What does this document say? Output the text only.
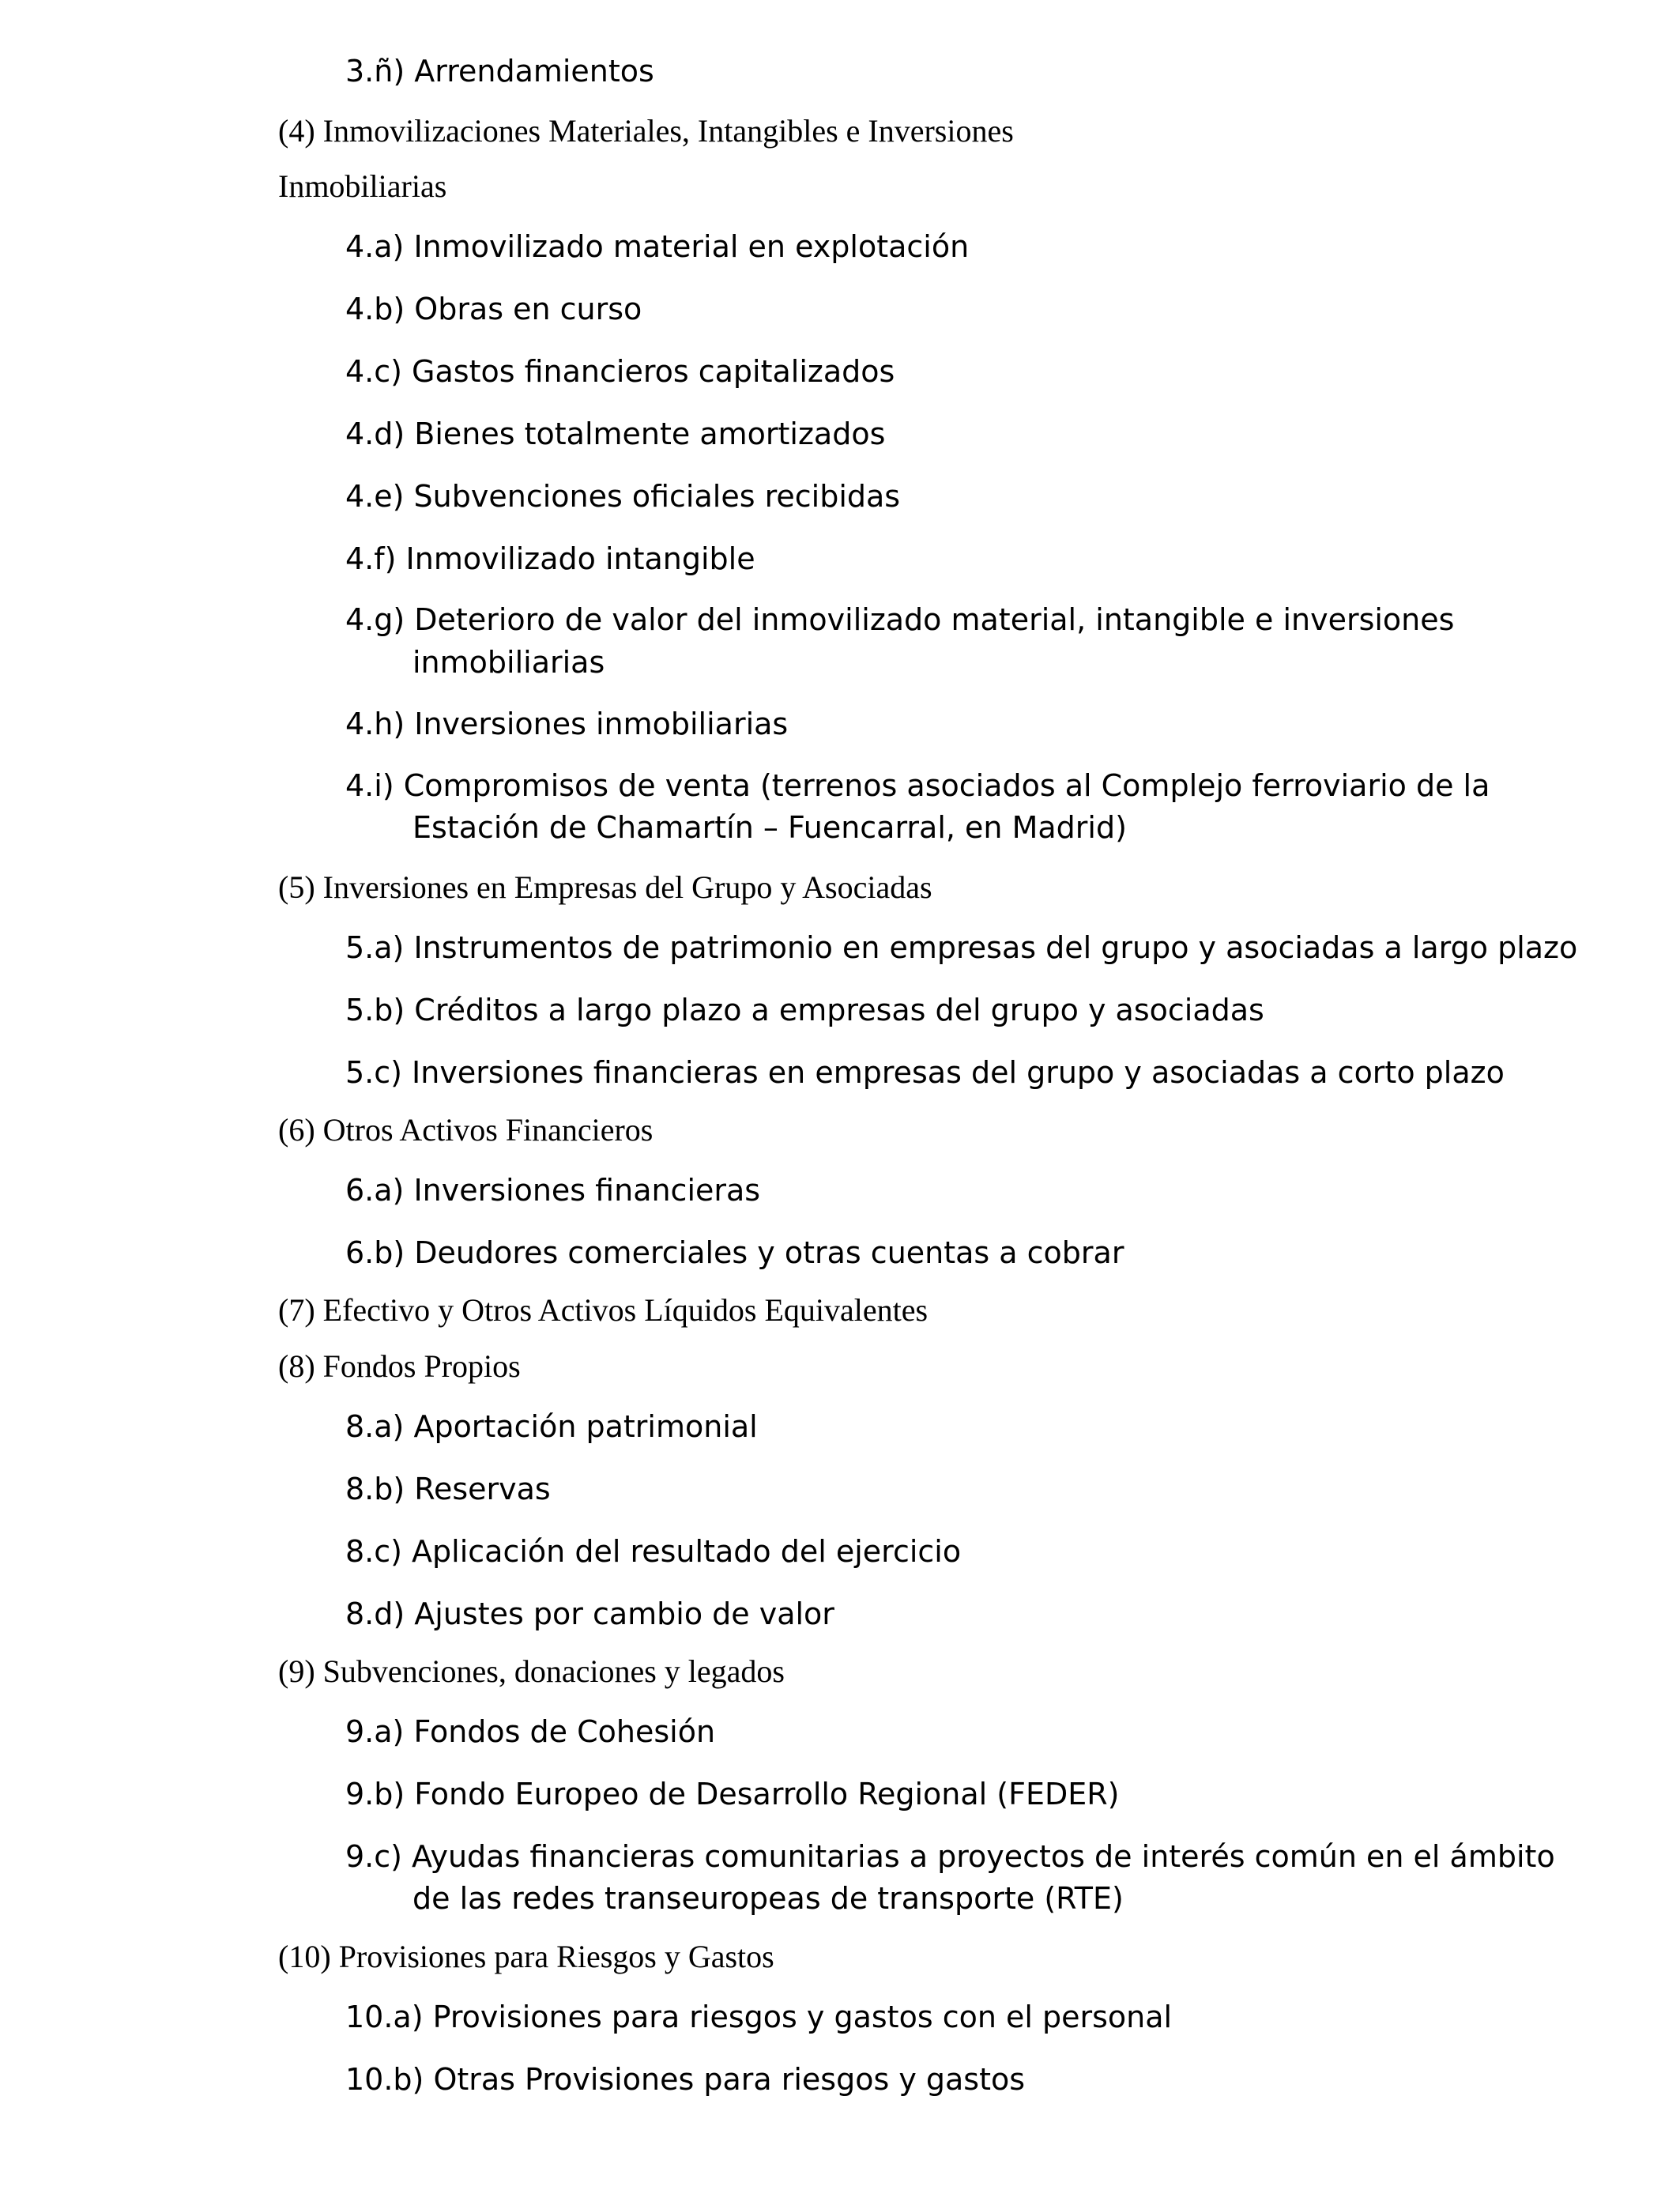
3.ñ) Arrendamientos
(4) Inmovilizaciones Materiales, Intangibles e Inversiones
Inmobiliarias
4.a) Inmovilizado material en explotación
4.b) Obras en curso
4.c) Gastos financieros capitalizados
4.d) Bienes totalmente amortizados
4.e) Subvenciones oficiales recibidas
4.f) Inmovilizado intangible
4.g) Deterioro de valor del inmovilizado material, intangible e inversiones
inmobiliarias
4.h) Inversiones inmobiliarias
4.i) Compromisos de venta (terrenos asociados al Complejo ferroviario de la
Estación de Chamartín – Fuencarral, en Madrid)
(5) Inversiones en Empresas del Grupo y Asociadas
5.a) Instrumentos de patrimonio en empresas del grupo y asociadas a largo plazo
5.b) Créditos a largo plazo a empresas del grupo y asociadas
5.c) Inversiones financieras en empresas del grupo y asociadas a corto plazo
(6) Otros Activos Financieros
6.a) Inversiones financieras
6.b) Deudores comerciales y otras cuentas a cobrar
(7) Efectivo y Otros Activos Líquidos Equivalentes
(8) Fondos Propios
8.a) Aportación patrimonial
8.b) Reservas
8.c) Aplicación del resultado del ejercicio
8.d) Ajustes por cambio de valor
(9) Subvenciones, donaciones y legados
9.a) Fondos de Cohesión
9.b) Fondo Europeo de Desarrollo Regional (FEDER)
9.c) Ayudas financieras comunitarias a proyectos de interés común en el ámbito
de las redes transeuropeas de transporte (RTE)
(10) Provisiones para Riesgos y Gastos
10.a) Provisiones para riesgos y gastos con el personal
10.b) Otras Provisiones para riesgos y gastos
